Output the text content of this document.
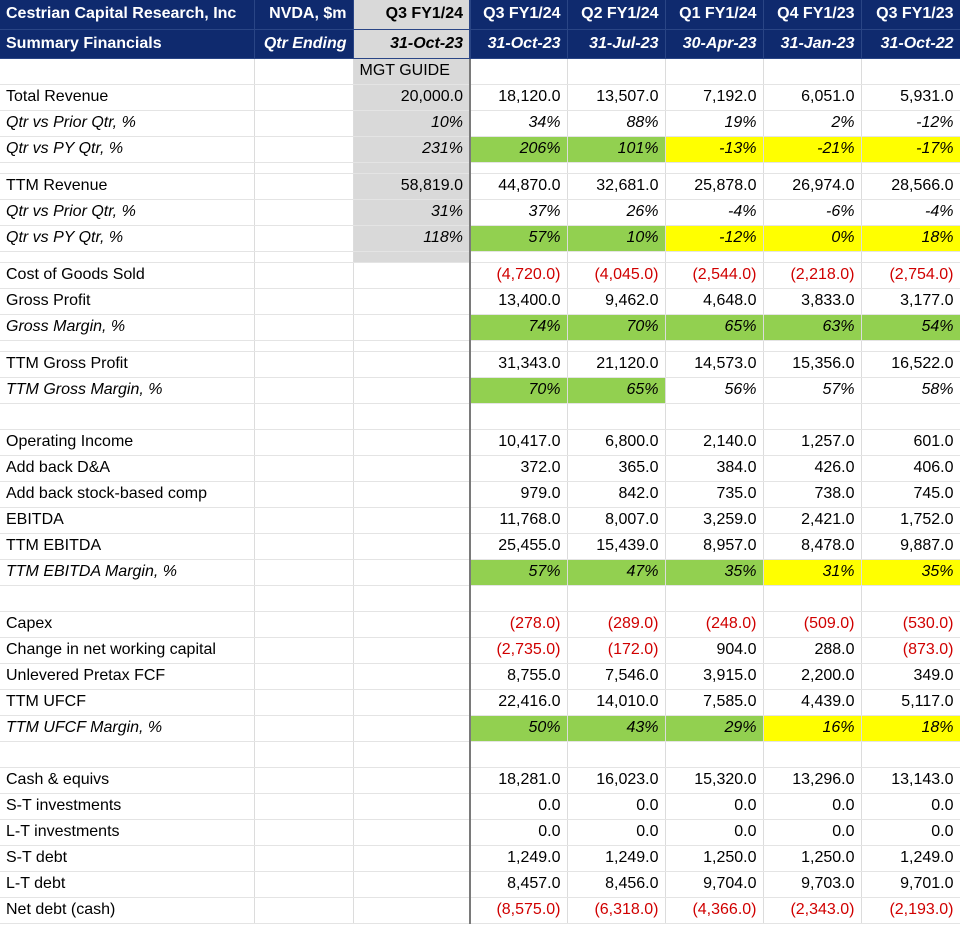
Cestrian Capital Research, Inc	NVDA, $m	Q3 FY1/24	Q3 FY1/24	Q2 FY1/24	Q1 FY1/24	Q4 FY1/23	Q3 FY1/23
Summary Financials	Qtr Ending	31-Oct-23	31-Oct-23	31-Jul-23	30-Apr-23	31-Jan-23	31-Oct-22
		MGT GUIDE					
Total Revenue		20,000.0	18,120.0	13,507.0	7,192.0	6,051.0	5,931.0
Qtr vs Prior Qtr, %		10%	34%	88%	19%	2%	-12%
Qtr vs PY Qtr, %		231%	206%	101%	-13%	-21%	-17%

TTM Revenue		58,819.0	44,870.0	32,681.0	25,878.0	26,974.0	28,566.0
Qtr vs Prior Qtr, %		31%	37%	26%	-4%	-6%	-4%
Qtr vs PY Qtr, %		118%	57%	10%	-12%	0%	18%

Cost of Goods Sold			(4,720.0)	(4,045.0)	(2,544.0)	(2,218.0)	(2,754.0)
Gross Profit			13,400.0	9,462.0	4,648.0	3,833.0	3,177.0
Gross Margin, %			74%	70%	65%	63%	54%

TTM Gross Profit			31,343.0	21,120.0	14,573.0	15,356.0	16,522.0
TTM Gross Margin, %			70%	65%	56%	57%	58%

Operating Income			10,417.0	6,800.0	2,140.0	1,257.0	601.0
Add back D&A			372.0	365.0	384.0	426.0	406.0
Add back stock-based comp			979.0	842.0	735.0	738.0	745.0
EBITDA			11,768.0	8,007.0	3,259.0	2,421.0	1,752.0
TTM EBITDA			25,455.0	15,439.0	8,957.0	8,478.0	9,887.0
TTM EBITDA Margin, %			57%	47%	35%	31%	35%

Capex			(278.0)	(289.0)	(248.0)	(509.0)	(530.0)
Change in net working capital			(2,735.0)	(172.0)	904.0	288.0	(873.0)
Unlevered Pretax FCF			8,755.0	7,546.0	3,915.0	2,200.0	349.0
TTM UFCF			22,416.0	14,010.0	7,585.0	4,439.0	5,117.0
TTM UFCF Margin, %			50%	43%	29%	16%	18%

Cash & equivs			18,281.0	16,023.0	15,320.0	13,296.0	13,143.0
S-T investments			0.0	0.0	0.0	0.0	0.0
L-T investments			0.0	0.0	0.0	0.0	0.0
S-T debt			1,249.0	1,249.0	1,250.0	1,250.0	1,249.0
L-T debt			8,457.0	8,456.0	9,704.0	9,703.0	9,701.0
Net debt (cash)			(8,575.0)	(6,318.0)	(4,366.0)	(2,343.0)	(2,193.0)
